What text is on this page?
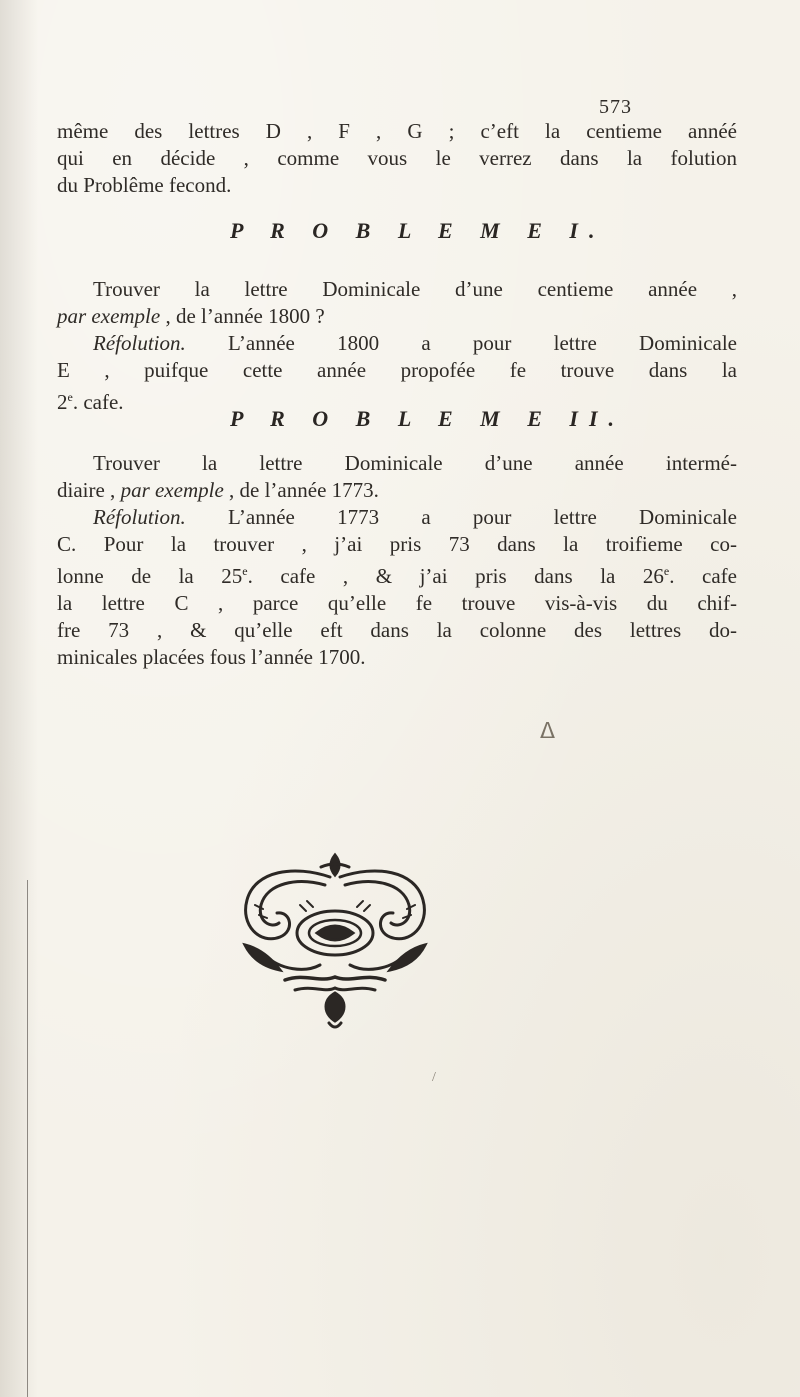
573
même des lettres D , F , G ; c’eft la centieme annéé
qui en décide , comme vous le verrez dans la folution
du Problême fecond.
P R O B L E M E I.
Trouver la lettre Dominicale d’une centieme année ,
par exemple , de l’année 1800 ?
Réfolution. L’année 1800 a pour lettre Dominicale
E , puifque cette année propofée fe trouve dans la
2e. cafe.
P R O B L E M E II.
Trouver la lettre Dominicale d’une année intermé-
diaire , par exemple , de l’année 1773.
Réfolution. L’année 1773 a pour lettre Dominicale
C. Pour la trouver , j’ai pris 73 dans la troifieme co-
lonne de la 25e. cafe , & j’ai pris dans la 26e. cafe
la lettre C , parce qu’elle fe trouve vis-à-vis du chif-
fre 73 , & qu’elle eft dans la colonne des lettres do-
minicales placées fous l’année 1700.
ᐃ
/
